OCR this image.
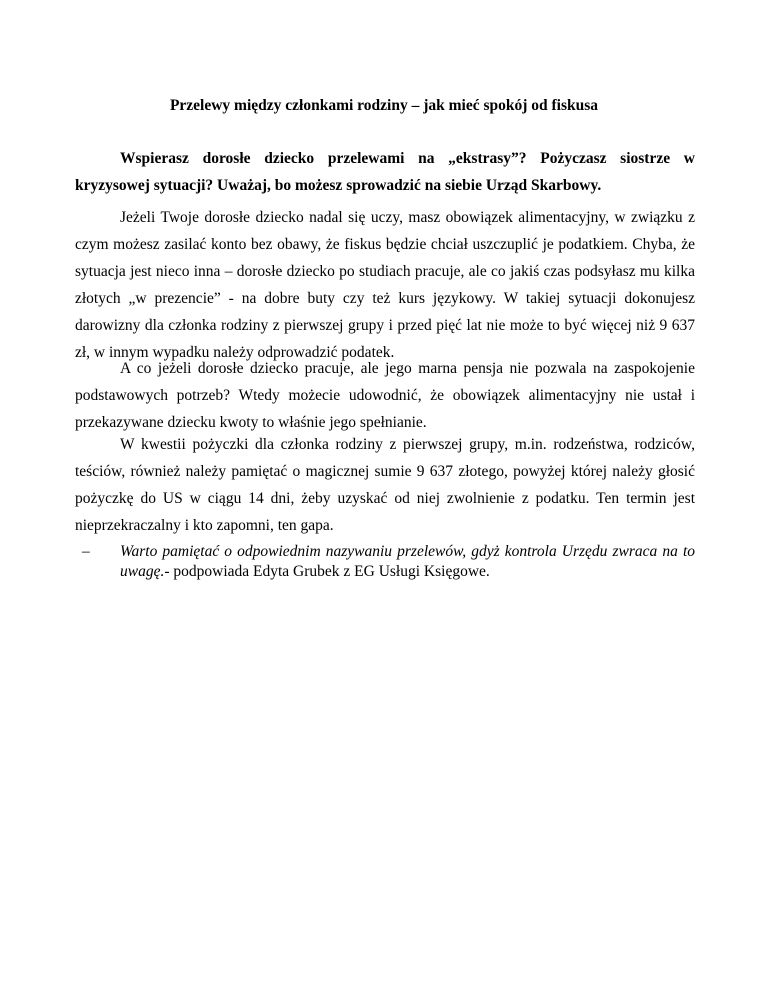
Przelewy między członkami rodziny – jak mieć spokój od fiskusa

Wspierasz dorosłe dziecko przelewami na „ekstrasy”? Pożyczasz siostrze w kryzysowej sytuacji? Uważaj, bo możesz sprowadzić na siebie Urząd Skarbowy.

Jeżeli Twoje dorosłe dziecko nadal się uczy, masz obowiązek alimentacyjny, w związku z czym możesz zasilać konto bez obawy, że fiskus będzie chciał uszczuplić je podatkiem. Chyba, że sytuacja jest nieco inna – dorosłe dziecko po studiach pracuje, ale co jakiś czas podsyłasz mu kilka złotych „w prezencie” - na dobre buty czy też kurs językowy. W takiej sytuacji dokonujesz darowizny dla członka rodziny z pierwszej grupy i przed pięć lat nie może to być więcej niż 9 637 zł, w innym wypadku należy odprowadzić podatek.

A co jeżeli dorosłe dziecko pracuje, ale jego marna pensja nie pozwala na zaspokojenie podstawowych potrzeb? Wtedy możecie udowodnić, że obowiązek alimentacyjny nie ustał i przekazywane dziecku kwoty to właśnie jego spełnianie.

W kwestii pożyczki dla członka rodziny z pierwszej grupy, m.in. rodzeństwa, rodziców, teściów, również należy pamiętać o magicznej sumie 9 637 złotego, powyżej której należy głosić pożyczkę do US w ciągu 14 dni, żeby uzyskać od niej zwolnienie z podatku. Ten termin jest nieprzekraczalny i kto zapomni, ten gapa.

– Warto pamiętać o odpowiednim nazywaniu przelewów, gdyż kontrola Urzędu zwraca na to uwagę.- podpowiada Edyta Grubek z EG Usługi Księgowe.
